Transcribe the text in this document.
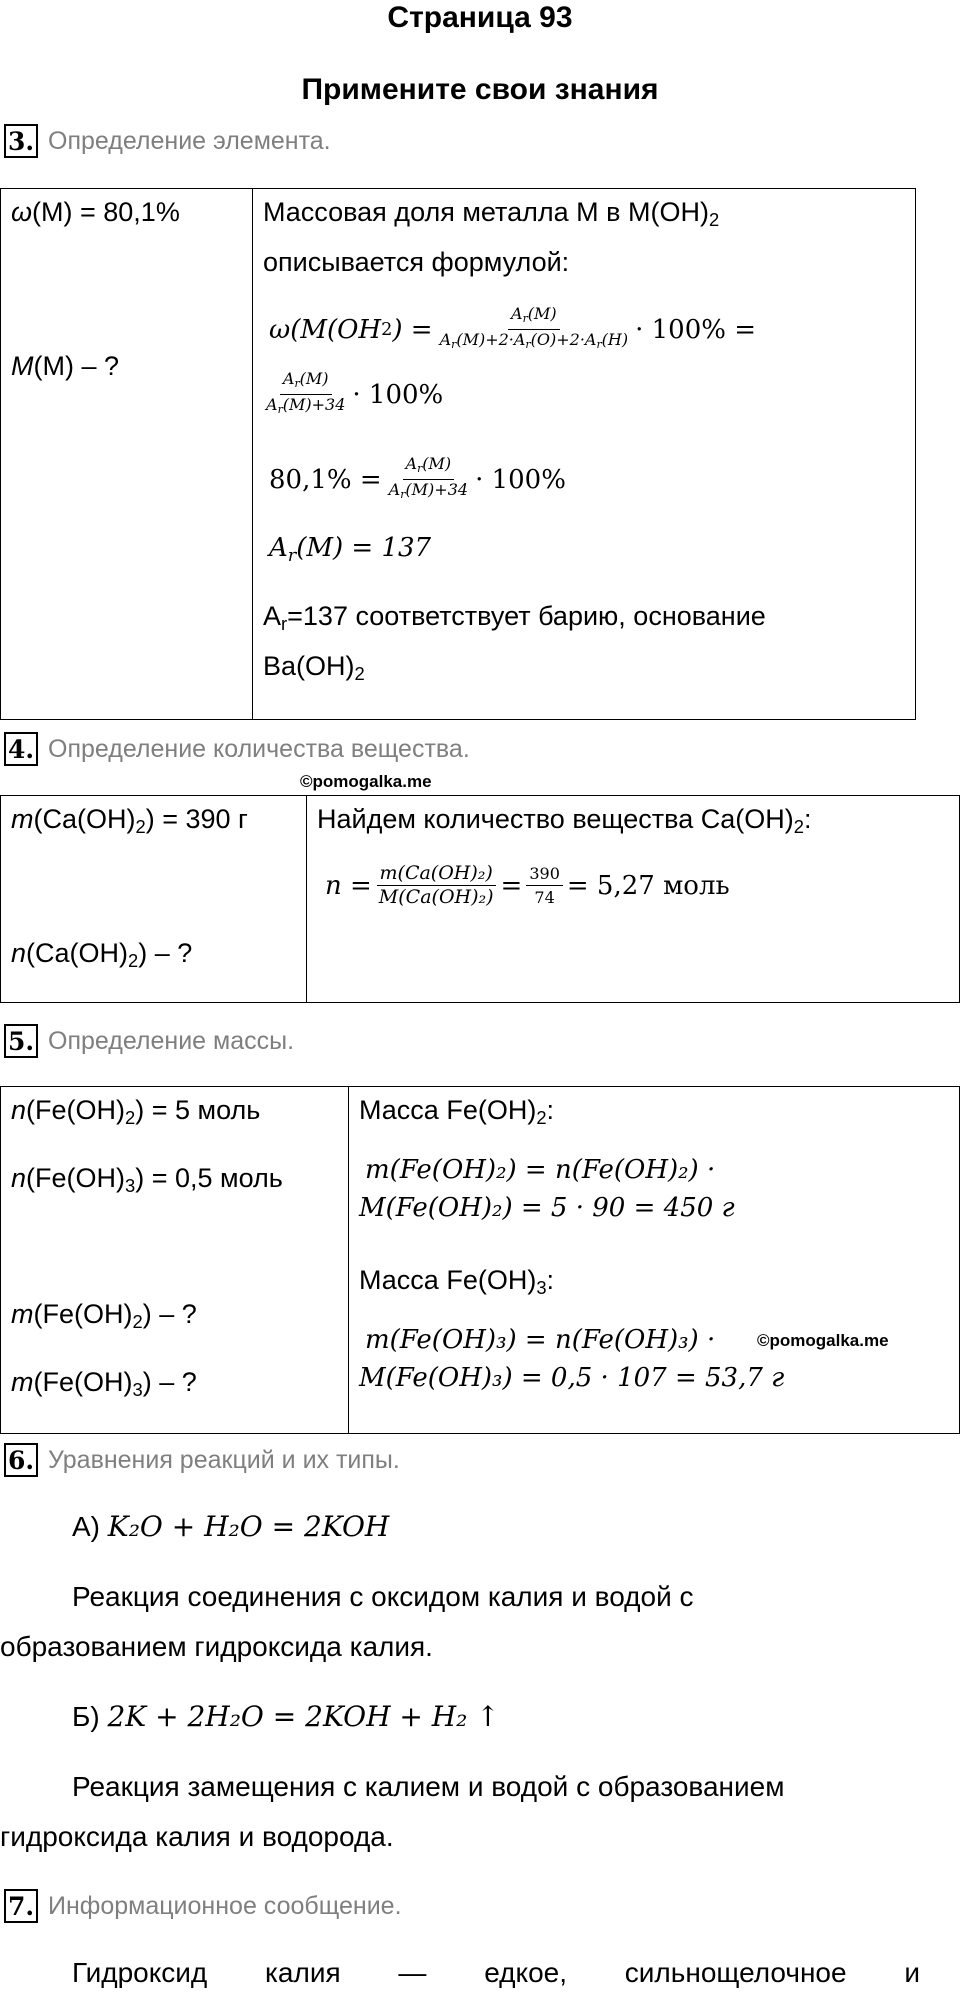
Страница 93
Примените свои знания
3. Определение элемента.
ω(M) = 80,1%
M(M) – ?
Массовая доля металла М в $М(ОН)_2$
описывается формулой:
ω(M(OH 2 ) = $\frac{A_r(M)}{A_r(M)+2\cdot A_r(O)+2\cdot A_r(H)} \cdot 100\%$ =
$\frac{A_r(M)}{A_r(M)+34} \cdot 100\%$
$80,1\% = \frac{A_r(M)}{A_r(M)+34} \cdot 100\%$
$A_r(M) = 137$
$A_r=137$ соответствует барию, основание
$Ba(OH)_2$
4. Определение количества вещества.
©pomogalka.me
$m(Ca(OH)_2) = 390$ г
$n(Ca(OH)_2)$ – ?
Найдем количество вещества $Ca(OH)_2$:
$n = \frac{\text{m(Ca(OH)₂)}}{\text{M(Ca(OH)₂)}} = \frac{390}{74} = 5,27$ моль
5. Определение массы.
$n(Fe(OH)_2) = 5$ моль
$n(Fe(OH)_3) = 0,5$ моль
$m(Fe(OH)_2)$ – ?
$m(Fe(OH)_3)$ – ?
Масса $Fe(OH)_2$:
m(Fe(OH)₂) = n(Fe(OH)₂) ·
M(Fe(OH)₂) = 5 · 90 = 450 г
Масса $Fe(OH)_3$:
m(Fe(OH)₃) = n(Fe(OH)₃) · ©pomogalka.me
M(Fe(OH)₃) = 0,5 · 107 = 53,7 г
6. Уравнения реакций и их типы.
А) K₂O + H₂O = 2KOH
Реакция соединения с оксидом калия и водой с
образованием гидроксида калия.
Б) 2K + 2H₂O = 2KOH + H₂ ↑
Реакция замещения с калием и водой с образованием
гидроксида калия и водорода.
7. Информационное сообщение.
Гидроксид калия — едкое, сильнощелочное и
